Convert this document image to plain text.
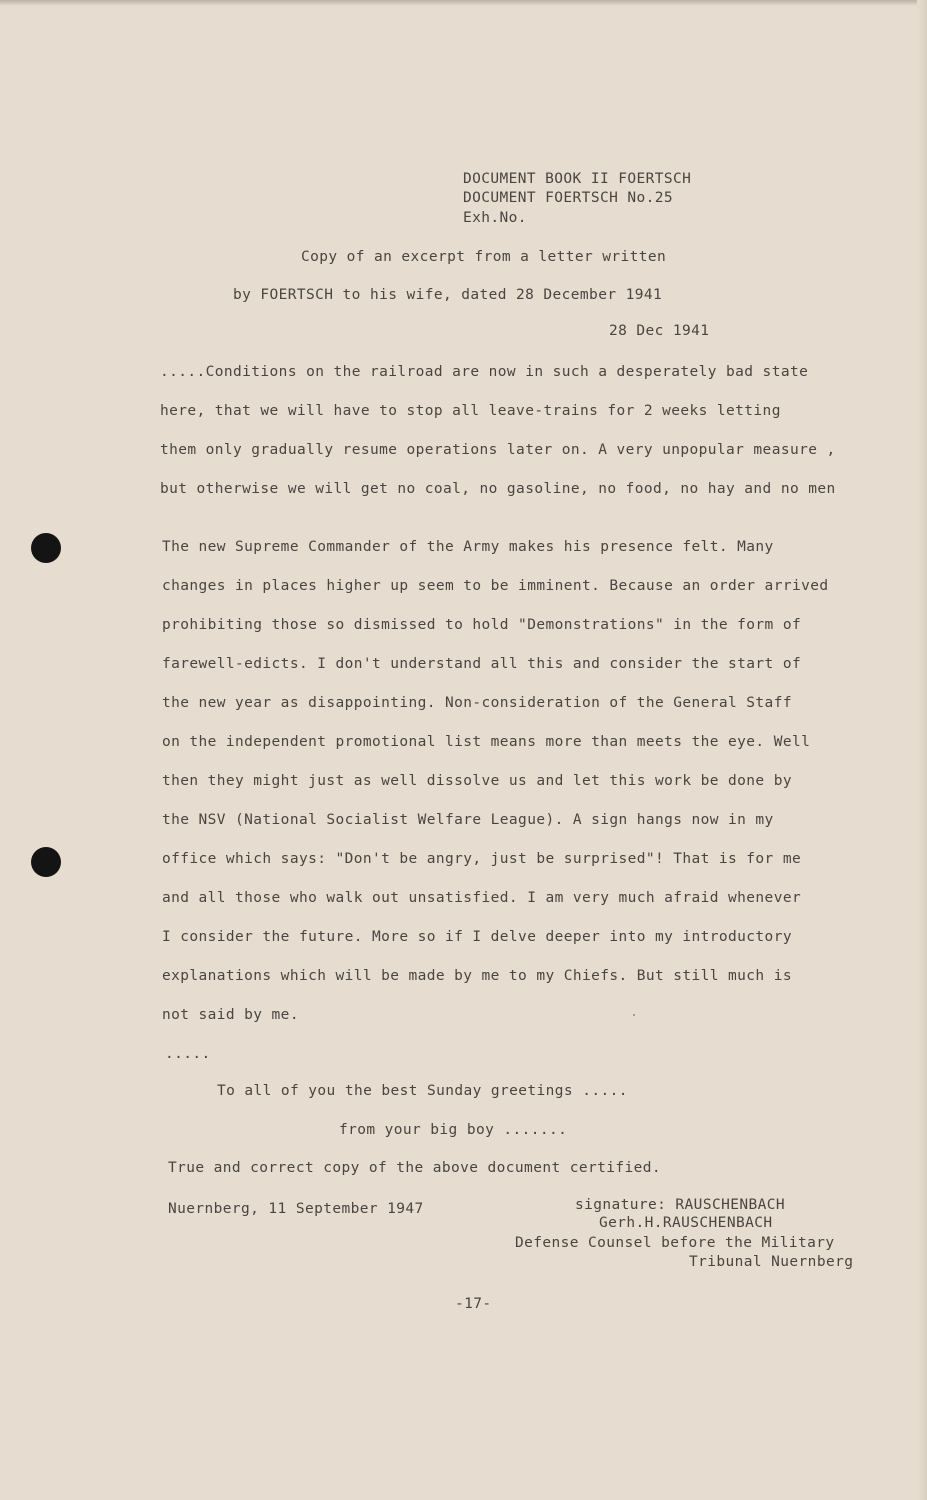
DOCUMENT BOOK II FOERTSCH
DOCUMENT FOERTSCH No.25
Exh.No.
Copy of an excerpt from a letter written
by FOERTSCH to his wife, dated 28 December 1941
28 Dec 1941
.....Conditions on the railroad are now in such a desperately bad state
here, that we will have to stop all leave-trains for 2 weeks letting
them only gradually resume operations later on. A very unpopular measure ,
but otherwise we will get no coal, no gasoline, no food, no hay and no men
The new Supreme Commander of the Army makes his presence felt. Many
changes in places higher up seem to be imminent. Because an order arrived
prohibiting those so dismissed to hold "Demonstrations" in the form of
farewell-edicts. I don't understand all this and consider the start of
the new year as disappointing. Non-consideration of the General Staff
on the independent promotional list means more than meets the eye. Well
then they might just as well dissolve us and let this work be done by
the NSV (National Socialist Welfare League). A sign hangs now in my
office which says: "Don't be angry, just be surprised"! That is for me
and all those who walk out unsatisfied. I am very much afraid whenever
I consider the future. More so if I delve deeper into my introductory
explanations which will be made by me to my Chiefs. But still much is
not said by me.
.....
To all of you the best Sunday greetings .....
from your big boy .......
True and correct copy of the above document certified.
Nuernberg, 11 September 1947	signature: RAUSCHENBACH
Gerh.H.RAUSCHENBACH
Defense Counsel before the Military
Tribunal Nuernberg
-17-
